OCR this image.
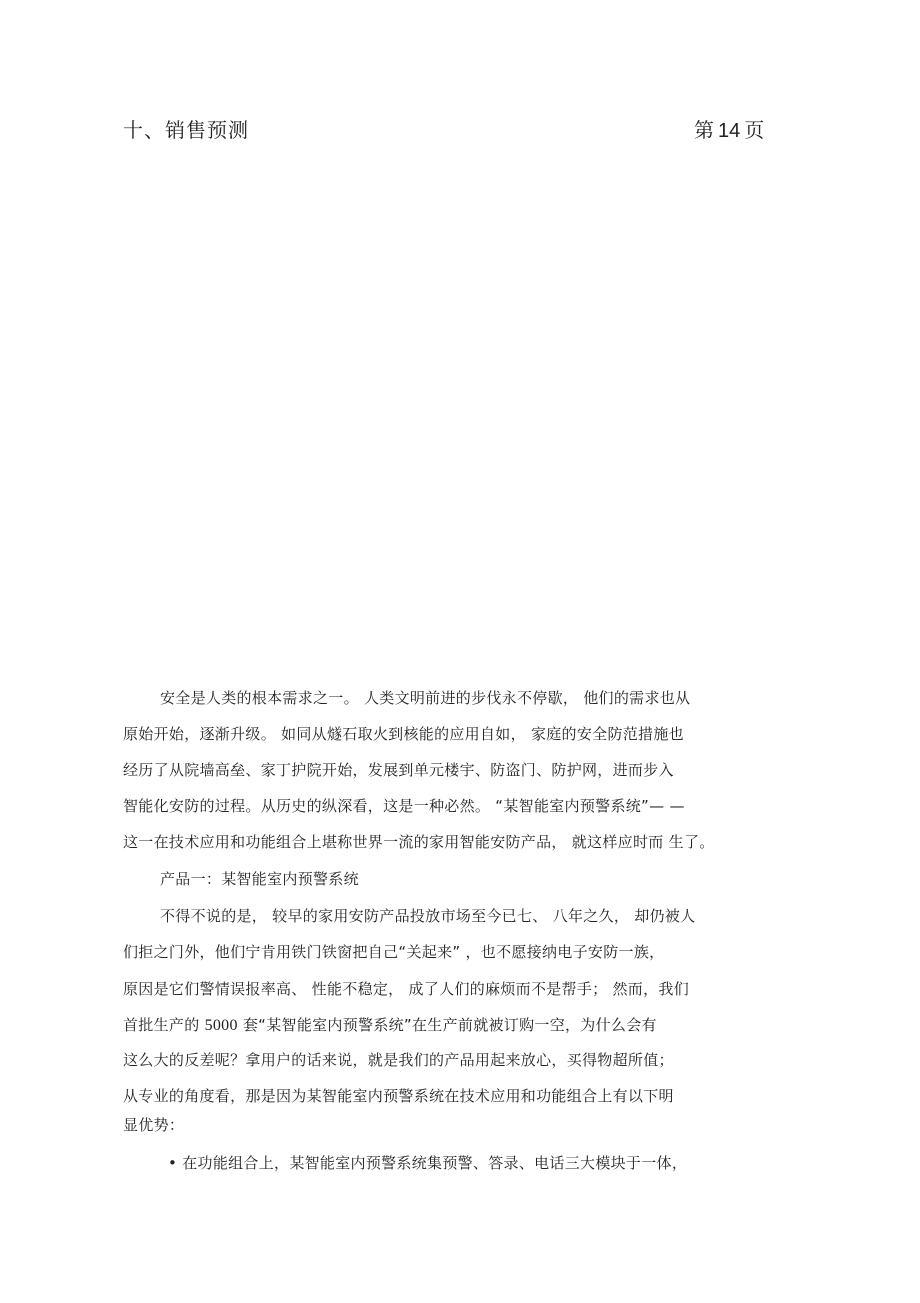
十、销售预测	第 14 页
安全是人类的根本需求之一。 人类文明前进的步伐永不停歇， 他们的需求也从
原始开始，逐渐升级。 如同从燧石取火到核能的应用自如， 家庭的安全防范措施也
经历了从院墙高垒、家丁护院开始，发展到单元楼宇、防盗门、防护网，进而步入
智能化安防的过程。从历史的纵深看，这是一种必然。 “某智能室内预警系统”— —
这一在技术应用和功能组合上堪称世界一流的家用智能安防产品， 就这样应时而 生了。
产品一：某智能室内预警系统
不得不说的是， 较早的家用安防产品投放市场至今已七、 八年之久， 却仍被人
们拒之门外，他们宁肯用铁门铁窗把自己“关起来” ，也不愿接纳电子安防一族，
原因是它们警情误报率高、 性能不稳定， 成了人们的麻烦而不是帮手； 然而，我们
首批生产的 5000 套“某智能室内预警系统”在生产前就被订购一空，为什么会有
这么大的反差呢？拿用户的话来说，就是我们的产品用起来放心，买得物超所值；
从专业的角度看，那是因为某智能室内预警系统在技术应用和功能组合上有以下明
显优势：
• 在功能组合上，某智能室内预警系统集预警、答录、电话三大模块于一体，
